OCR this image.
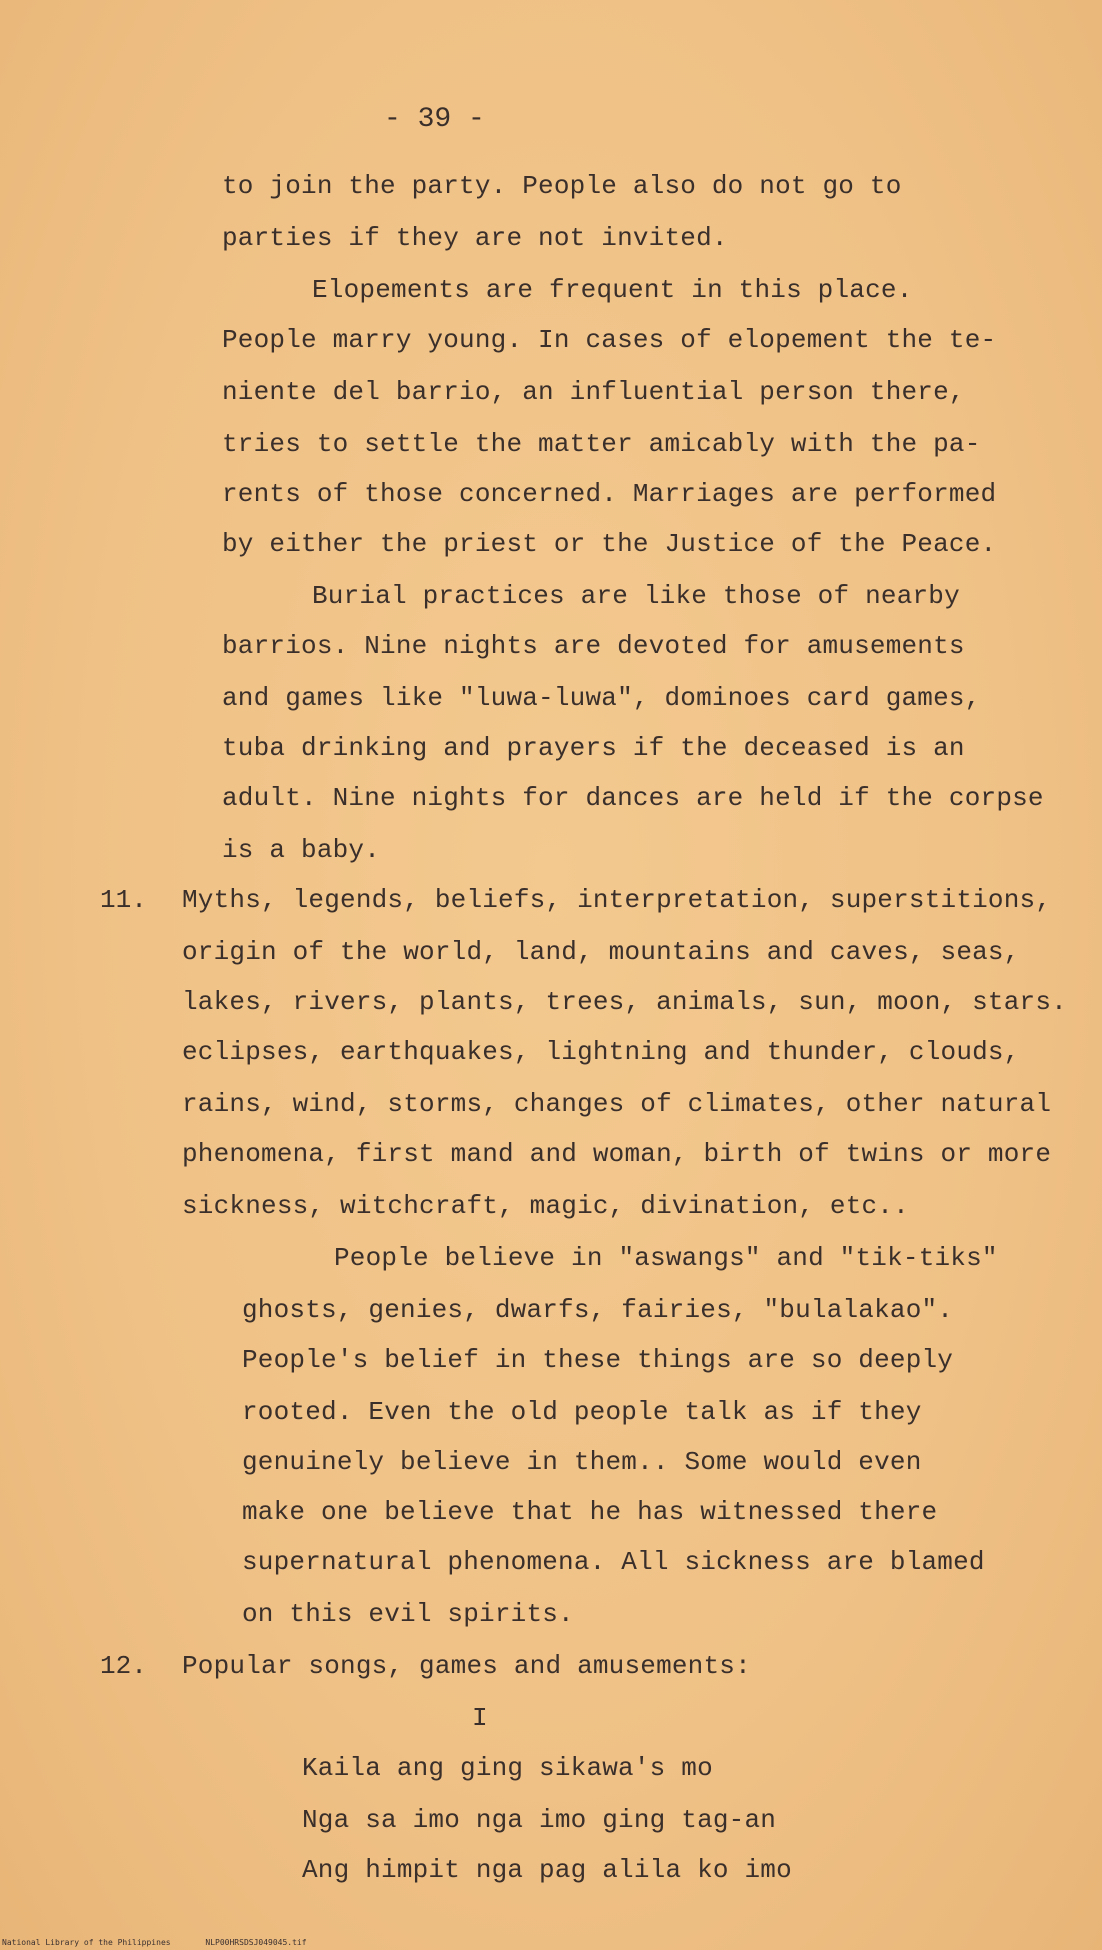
- 39 -
to join the party. People also do not go to
parties if they are not invited.
Elopements are frequent in this place.
People marry young. In cases of elopement the te-
niente del barrio, an influential person there,
tries to settle the matter amicably with the pa-
rents of those concerned. Marriages are performed
by either the priest or the Justice of the Peace.
Burial practices are like those of nearby
barrios. Nine nights are devoted for amusements
and games like "luwa-luwa", dominoes card games,
tuba drinking and prayers if the deceased is an
adult. Nine nights for dances are held if the corpse
is a baby.
11. Myths, legends, beliefs, interpretation, superstitions,
origin of the world, land, mountains and caves, seas,
lakes, rivers, plants, trees, animals, sun, moon, stars.
eclipses, earthquakes, lightning and thunder, clouds,
rains, wind, storms, changes of climates, other natural
phenomena, first mand and woman, birth of twins or more
sickness, witchcraft, magic, divination, etc..
People believe in "aswangs" and "tik-tiks"
ghosts, genies, dwarfs, fairies, "bulalakao".
People's belief in these things are so deeply
rooted. Even the old people talk as if they
genuinely believe in them.. Some would even
make one believe that he has witnessed there
supernatural phenomena. All sickness are blamed
on this evil spirits.
12. Popular songs, games and amusements:
I
Kaila ang ging sikawa's mo
Nga sa imo nga imo ging tag-an
Ang himpit nga pag alila ko imo
National Library of the Philippines	NLP00HRSDSJ049045.tif
